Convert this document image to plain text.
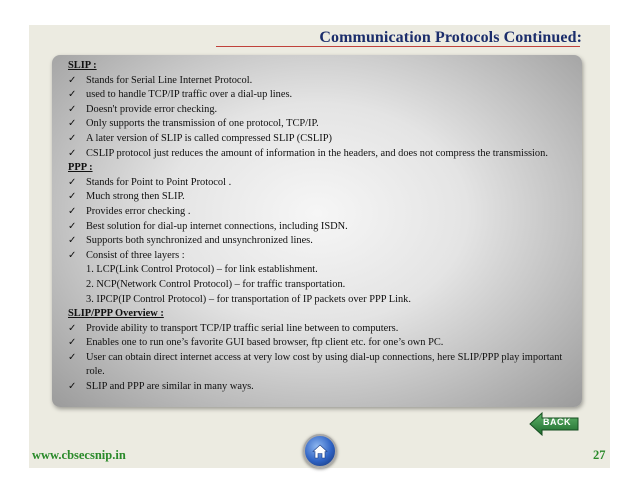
Communication Protocols Continued:
SLIP :
✓ Stands for Serial Line Internet Protocol.
✓ used to handle TCP/IP traffic over a dial-up lines.
✓ Doesn't provide error checking.
✓ Only supports the transmission of one protocol, TCP/IP.
✓ A later version of SLIP is called compressed SLIP (CSLIP)
✓ CSLIP protocol just reduces the amount of information in the headers, and does not compress the transmission.
PPP :
✓ Stands for Point to Point Protocol .
✓ Much strong then SLIP.
✓ Provides error checking .
✓ Best solution for dial-up internet connections, including ISDN.
✓ Supports both synchronized and unsynchronized lines.
✓ Consist of three layers :
1. LCP(Link Control Protocol) – for link establishment.
2. NCP(Network Control Protocol) – for traffic transportation.
3. IPCP(IP Control Protocol) – for transportation of IP packets over PPP Link.
SLIP/PPP Overview :
✓ Provide ability to transport TCP/IP traffic serial line between to computers.
✓ Enables one to run one’s favorite GUI based browser, ftp client etc. for one’s own PC.
✓ User can obtain direct internet access at very low cost by using dial-up connections, here SLIP/PPP play important role.
✓ SLIP and PPP are similar in many ways.
BACK
www.cbsecsnip.in	27
